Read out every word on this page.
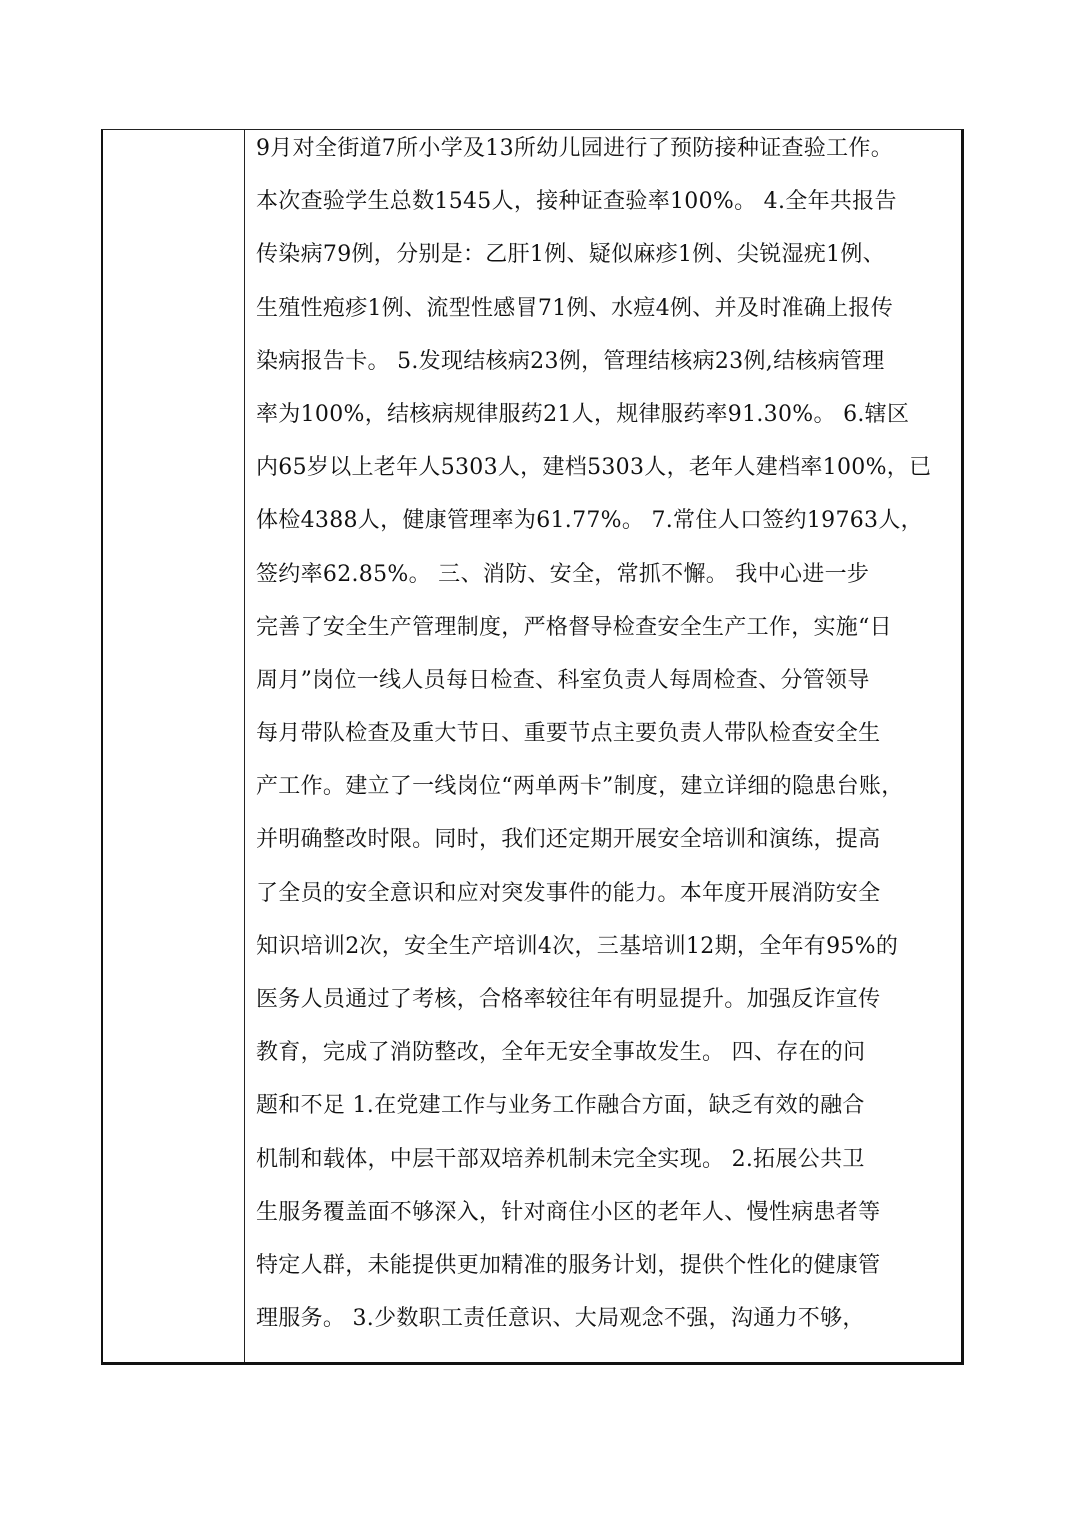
9月对全街道7所小学及13所幼儿园进行了预防接种证查验工作。
本次查验学生总数1545人，接种证查验率100%。 4.全年共报告
传染病79例，分别是：乙肝1例、疑似麻疹1例、尖锐湿疣1例、
生殖性疱疹1例、流型性感冒71例、水痘4例、并及时准确上报传
染病报告卡。 5.发现结核病23例，管理结核病23例,结核病管理
率为100%，结核病规律服药21人，规律服药率91.30%。 6.辖区
内65岁以上老年人5303人，建档5303人，老年人建档率100%，已
体检4388人，健康管理率为61.77%。 7.常住人口签约19763人，
签约率62.85%。 三、消防、安全，常抓不懈。 我中心进一步
完善了安全生产管理制度，严格督导检查安全生产工作，实施“日
周月”岗位一线人员每日检查、科室负责人每周检查、分管领导
每月带队检查及重大节日、重要节点主要负责人带队检查安全生
产工作。建立了一线岗位“两单两卡”制度，建立详细的隐患台账，
并明确整改时限。同时，我们还定期开展安全培训和演练，提高
了全员的安全意识和应对突发事件的能力。本年度开展消防安全
知识培训2次，安全生产培训4次，三基培训12期，全年有95%的
医务人员通过了考核，合格率较往年有明显提升。加强反诈宣传
教育，完成了消防整改，全年无安全事故发生。 四、存在的问
题和不足 1.在党建工作与业务工作融合方面，缺乏有效的融合
机制和载体，中层干部双培养机制未完全实现。 2.拓展公共卫
生服务覆盖面不够深入，针对商住小区的老年人、慢性病患者等
特定人群，未能提供更加精准的服务计划，提供个性化的健康管
理服务。 3.少数职工责任意识、大局观念不强，沟通力不够，
